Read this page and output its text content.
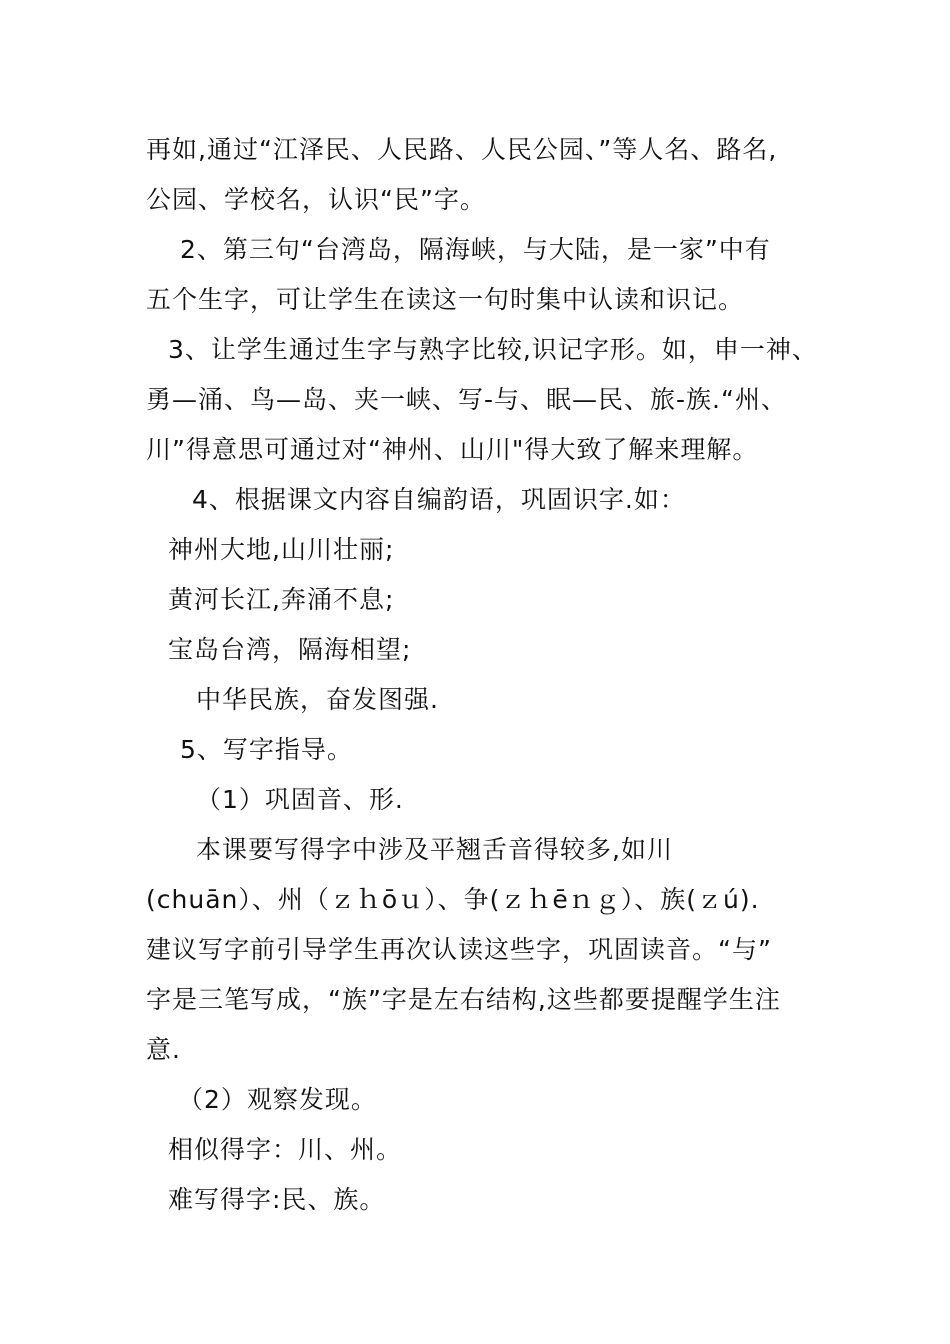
再如,通过“江泽民、人民路、人民公园、”等人名、路名,
公园、学校名，认识“民”字。
2、第三句“台湾岛，隔海峡，与大陆，是一家”中有
五个生字，可让学生在读这一句时集中认读和识记。
3、让学生通过生字与熟字比较,识记字形。如，申一神、
勇—涌、鸟—岛、夹一峡、写-与、眠—民、旅-族.“州、
川”得意思可通过对“神州、山川"得大致了解来理解。
4、根据课文内容自编韵语，巩固识字.如：
神州大地,山川壮丽;
黄河长江,奔涌不息;
宝岛台湾，隔海相望;
中华民族，奋发图强.
5、写字指导。
（1）巩固音、形.
本课要写得字中涉及平翘舌音得较多,如川
(chuān）、州（ｚｈōｕ）、争(ｚｈēｎｇ）、族(ｚú).
建议写字前引导学生再次认读这些字，巩固读音。“与”
字是三笔写成，“族”字是左右结构,这些都要提醒学生注
意.
（2）观察发现。
相似得字：川、州。
难写得字:民、族。
